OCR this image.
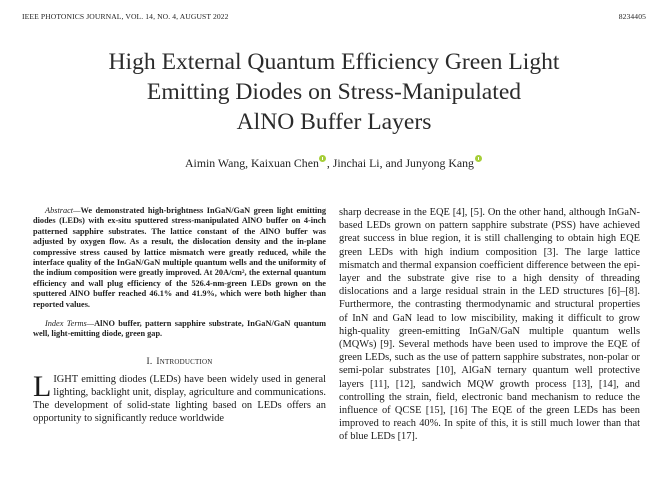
IEEE PHOTONICS JOURNAL, VOL. 14, NO. 4, AUGUST 2022	8234405
High External Quantum Efficiency Green Light
Emitting Diodes on Stress-Manipulated
AlNO Buffer Layers
Aimin Wang, Kaixuan Chen , Jinchai Li, and Junyong Kang

Abstract—We demonstrated high-brightness InGaN/GaN green light emitting diodes (LEDs) with ex-situ sputtered stress-manipulated AlNO buffer on 4-inch patterned sapphire substrates. The lattice constant of the AlNO buffer was adjusted by oxygen flow. As a result, the dislocation density and the in-plane compressive stress caused by lattice mismatch were greatly reduced, while the interface quality of the InGaN/GaN multiple quantum wells and the uniformity of the indium composition were greatly improved. At 20A/cm², the external quantum efficiency and wall plug efficiency of the 526.4-nm-green LEDs grown on the sputtered AlNO buffer reached 46.1% and 41.9%, which were both higher than reported values.

Index Terms—AlNO buffer, pattern sapphire substrate, InGaN/GaN quantum well, light-emitting diode, green gap.

I. Introduction

LIGHT emitting diodes (LEDs) have been widely used in general lighting, backlight unit, display, agriculture and communications. The development of solid-state lighting based on LEDs offers an opportunity to significantly reduce worldwide

sharp decrease in the EQE [4], [5]. On the other hand, although InGaN-based LEDs grown on pattern sapphire substrate (PSS) have achieved great success in blue region, it is still challenging to obtain high EQE green LEDs with high indium composition [3]. The large lattice mismatch and thermal expansion coefficient difference between the epi-layer and the substrate give rise to a high density of threading dislocations and a large residual strain in the LED structures [6]–[8]. Furthermore, the contrasting thermodynamic and structural properties of InN and GaN lead to low miscibility, making it difficult to grow high-quality green-emitting InGaN/GaN multiple quantum wells (MQWs) [9]. Several methods have been used to improve the EQE of green LEDs, such as the use of pattern sapphire substrates, non-polar or semi-polar substrates [10], AlGaN ternary quantum well protective layers [11], [12], sandwich MQW growth process [13], [14], and controlling the strain, field, electronic band mechanism to reduce the influence of QCSE [15], [16] The EQE of the green LEDs has been improved to reach 40%. In spite of this, it is still much lower than that of blue LEDs [17].
